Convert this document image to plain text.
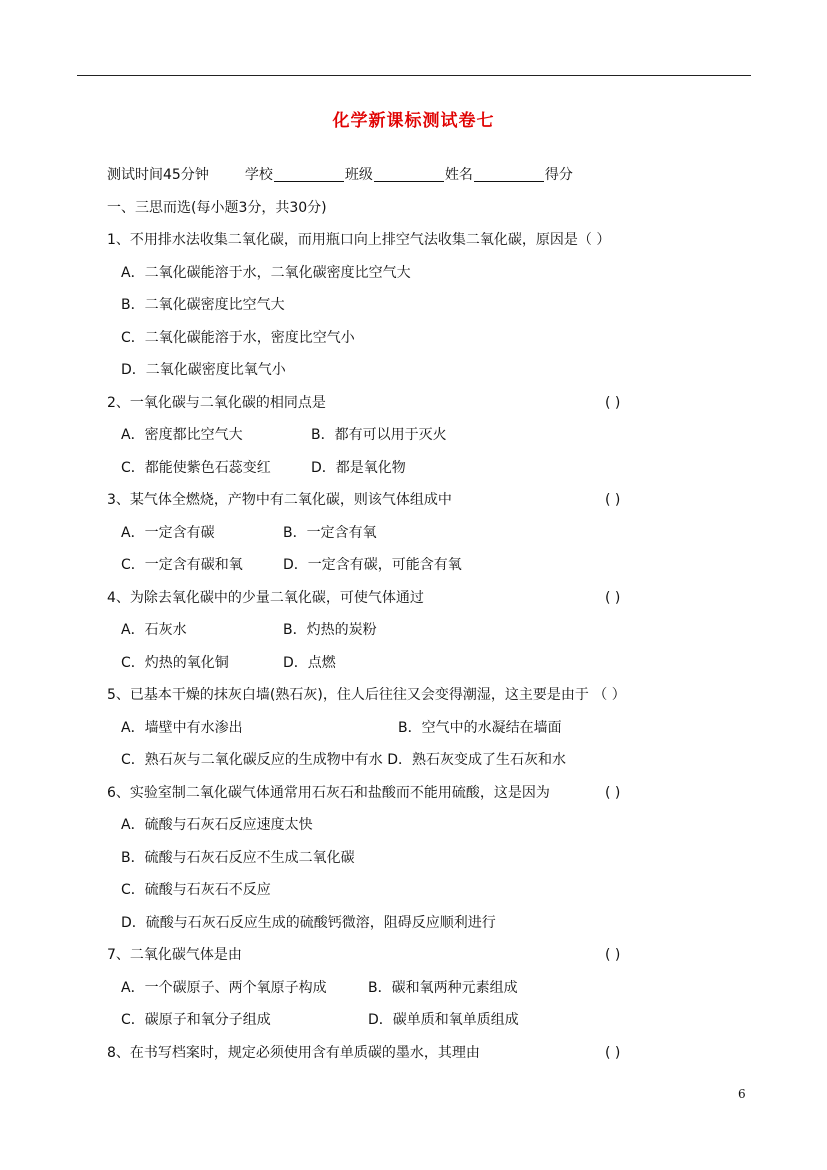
化学新课标测试卷七
测试时间45分钟	学校	班级	姓名	得分
一、三思而选(每小题3分，共30分)
1、不用排水法收集二氧化碳，而用瓶口向上排空气法收集二氧化碳，原因是（ ）
A．二氧化碳能溶于水，二氧化碳密度比空气大
B．二氧化碳密度比空气大
C．二氧化碳能溶于水，密度比空气小
D．二氧化碳密度比氧气小
2、一氧化碳与二氧化碳的相同点是	( )
A．密度都比空气大	B．都有可以用于灭火
C．都能使紫色石蕊变红	D．都是氧化物
3、某气体全燃烧，产物中有二氧化碳，则该气体组成中	( )
A．一定含有碳	B．一定含有氧
C．一定含有碳和氧	D．一定含有碳，可能含有氧
4、为除去氧化碳中的少量二氧化碳，可使气体通过	( )
A．石灰水	B．灼热的炭粉
C．灼热的氧化铜	D．点燃
5、已基本干燥的抹灰白墙(熟石灰)，住人后往往又会变得潮湿，这主要是由于 （ ）
A．墙壁中有水渗出	B．空气中的水凝结在墙面
C．熟石灰与二氧化碳反应的生成物中有水 D．熟石灰变成了生石灰和水
6、实验室制二氧化碳气体通常用石灰石和盐酸而不能用硫酸，这是因为	( )
A．硫酸与石灰石反应速度太快
B．硫酸与石灰石反应不生成二氧化碳
C．硫酸与石灰石不反应
D．硫酸与石灰石反应生成的硫酸钙微溶，阻碍反应顺利进行
7、二氧化碳气体是由	( )
A．一个碳原子、两个氧原子构成	B．碳和氧两种元素组成
C．碳原子和氧分子组成	D．碳单质和氧单质组成
8、在书写档案时，规定必须使用含有单质碳的墨水，其理由	( )
6
